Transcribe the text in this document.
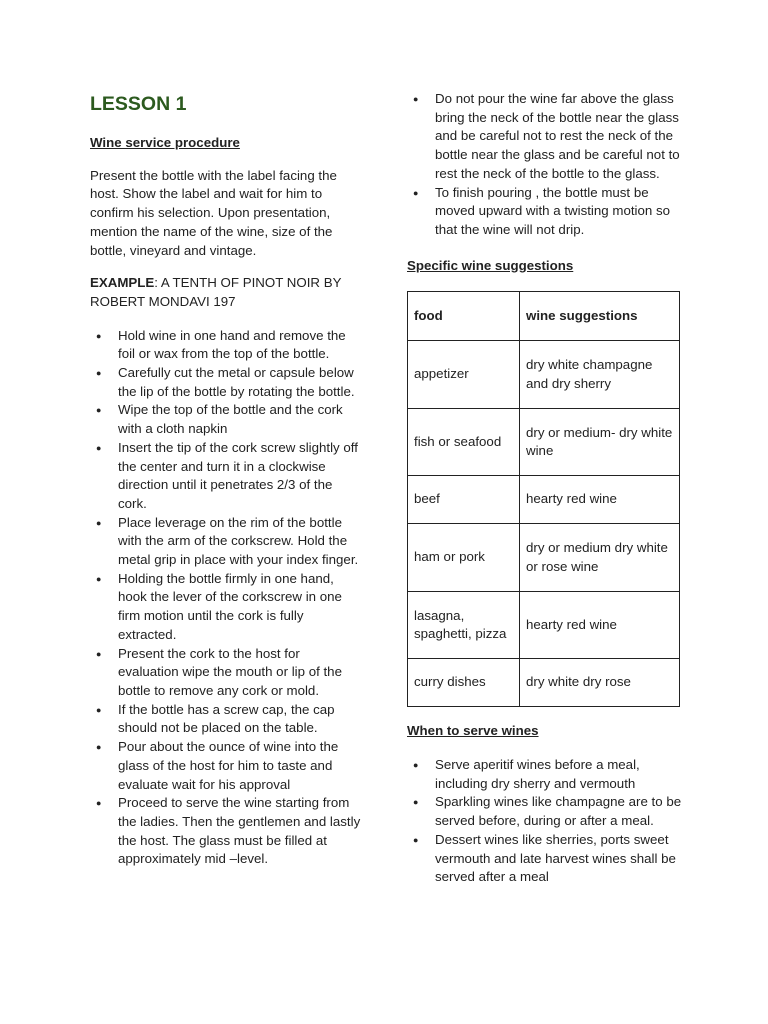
LESSON 1

Wine service procedure

Present the bottle with the label facing the host. Show the label and wait for him to confirm his selection. Upon presentation, mention the name of the wine, size of the bottle, vineyard and vintage.

EXAMPLE: A TENTH OF PINOT NOIR BY ROBERT MONDAVI 197

● Hold wine in one hand and remove the foil or wax from the top of the bottle.
● Carefully cut the metal or capsule below the lip of the bottle by rotating the bottle.
● Wipe the top of the bottle and the cork with a cloth napkin
● Insert the tip of the cork screw slightly off the center and turn it in a clockwise direction until it penetrates 2/3 of the cork.
● Place leverage on the rim of the bottle with the arm of the corkscrew. Hold the metal grip in place with your index finger.
● Holding the bottle firmly in one hand, hook the lever of the corkscrew in one firm motion until the cork is fully extracted.
● Present the cork to the host for evaluation wipe the mouth or lip of the bottle to remove any cork or mold.
● If the bottle has a screw cap, the cap should not be placed on the table.
● Pour about the ounce of wine into the glass of the host for him to taste and evaluate wait for his approval
● Proceed to serve the wine starting from the ladies. Then the gentlemen and lastly the host. The glass must be filled at approximately mid –level.
● Do not pour the wine far above the glass bring the neck of the bottle near the glass and be careful not to rest the neck of the bottle near the glass and be careful not to rest the neck of the bottle to the glass.
● To finish pouring , the bottle must be moved upward with a twisting motion so that the wine will not drip.

Specific wine suggestions

food	wine suggestions
appetizer	dry white champagne and dry sherry
fish or seafood	dry or medium- dry white wine
beef	hearty red wine
ham or pork	dry or medium dry white or rose wine
lasagna, spaghetti, pizza	hearty red wine
curry dishes	dry white dry rose

When to serve wines

● Serve aperitif wines before a meal, including dry sherry and vermouth
● Sparkling wines like champagne are to be served before, during or after a meal.
● Dessert wines like sherries, ports sweet vermouth and late harvest wines shall be served after a meal
